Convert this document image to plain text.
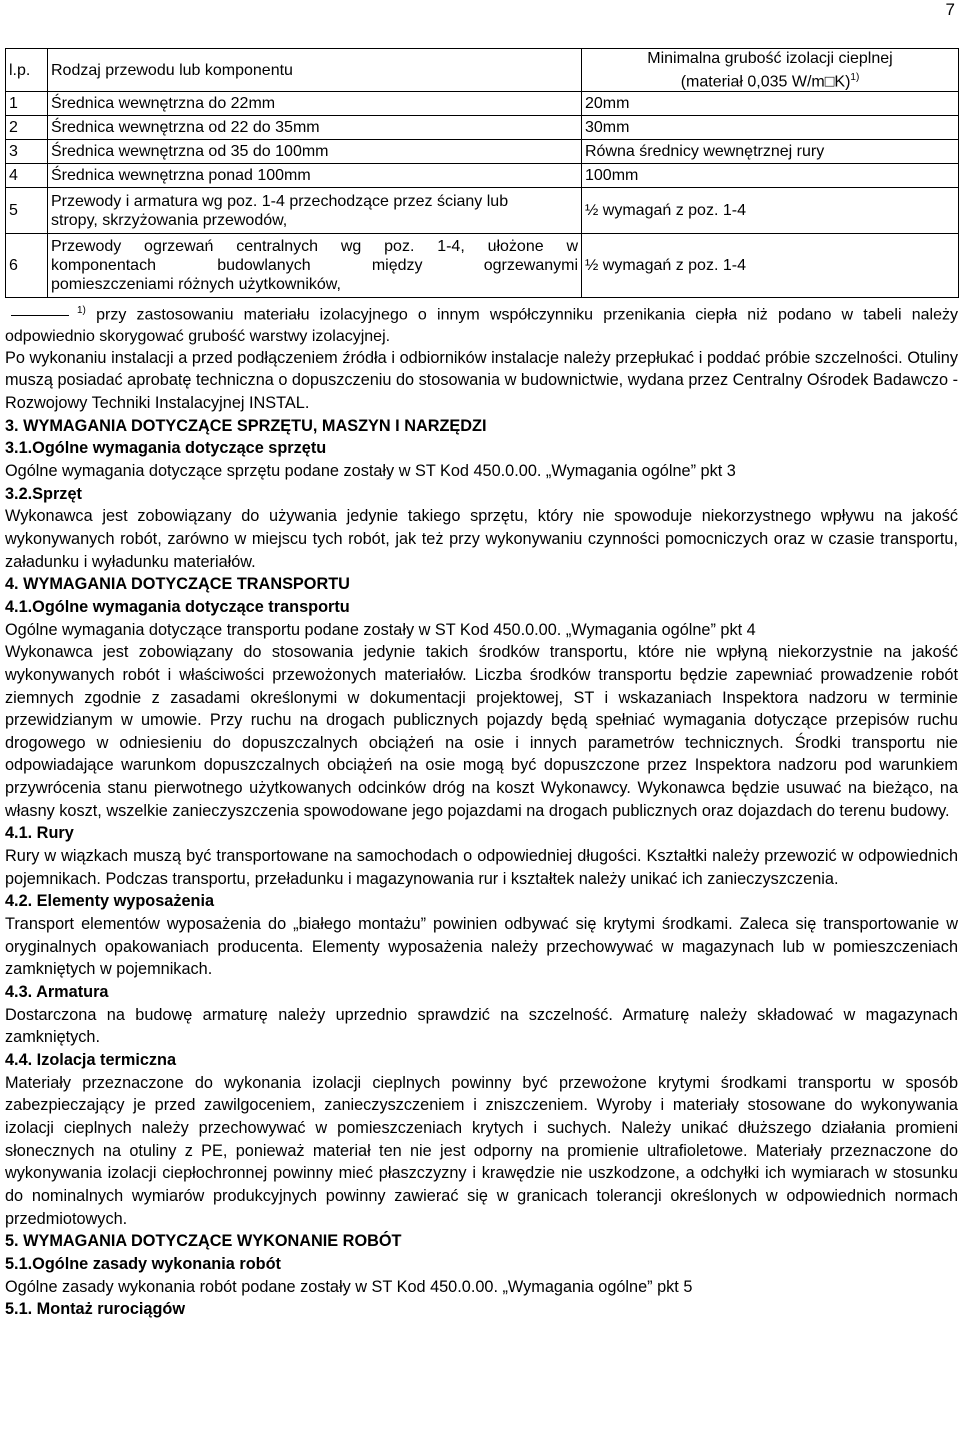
7
l.p.	Rodzaj przewodu lub komponentu	Minimalna grubość izolacji cieplnej
(materiał 0,035 W/m□K)$^{1)}$

1	Średnica wewnętrzna do 22mm	20mm
2	Średnica wewnętrzna od 22 do 35mm	30mm
3	Średnica wewnętrzna od 35 do 100mm	Równa średnicy wewnętrznej rury
4	Średnica wewnętrzna ponad 100mm	100mm
5	Przewody i armatura wg poz. 1-4 przechodzące przez ściany lub
stropy, skrzyżowania przewodów,	½ wymagań z poz. 1-4
6	Przewody ogrzewań centralnych wg poz. 1-4, ułożone w
komponentach budowlanych między ogrzewanymi
pomieszczeniami różnych użytkowników,	½ wymagań z poz. 1-4

$^{1)}$ przy zastosowaniu materiału izolacyjnego o innym współczynniku przenikania ciepła niż podano w tabeli należy odpowiednio skorygować grubość warstwy izolacyjnej.

Po wykonaniu instalacji a przed podłączeniem źródła i odbiorników instalacje należy przepłukać i poddać próbie szczelności. Otuliny muszą posiadać aprobatę techniczna o dopuszczeniu do stosowania w budownictwie, wydana przez Centralny Ośrodek Badawczo - Rozwojowy Techniki Instalacyjnej INSTAL.

3. WYMAGANIA DOTYCZĄCE SPRZĘTU, MASZYN I NARZĘDZI
3.1.Ogólne wymagania dotyczące sprzętu

Ogólne wymagania dotyczące sprzętu podane zostały w ST Kod 450.0.00. „Wymagania ogólne” pkt 3

3.2.Sprzęt

Wykonawca jest zobowiązany do używania jedynie takiego sprzętu, który nie spowoduje niekorzystnego wpływu na jakość wykonywanych robót, zarówno w miejscu tych robót, jak też przy wykonywaniu czynności pomocniczych oraz w czasie transportu, załadunku i wyładunku materiałów.

4. WYMAGANIA DOTYCZĄCE TRANSPORTU
4.1.Ogólne wymagania dotyczące transportu

Ogólne wymagania dotyczące transportu podane zostały w ST Kod 450.0.00. „Wymagania ogólne” pkt 4

Wykonawca jest zobowiązany do stosowania jedynie takich środków transportu, które nie wpłyną niekorzystnie na jakość wykonywanych robót i właściwości przewożonych materiałów. Liczba środków transportu będzie zapewniać prowadzenie robót ziemnych zgodnie z zasadami określonymi w dokumentacji projektowej, ST i wskazaniach Inspektora nadzoru w terminie przewidzianym w umowie. Przy ruchu na drogach publicznych pojazdy będą spełniać wymagania dotyczące przepisów ruchu drogowego w odniesieniu do dopuszczalnych obciążeń na osie i innych parametrów technicznych. Środki transportu nie odpowiadające warunkom dopuszczalnych obciążeń na osie mogą być dopuszczone przez Inspektora nadzoru pod warunkiem przywrócenia stanu pierwotnego użytkowanych odcinków dróg na koszt Wykonawcy. Wykonawca będzie usuwać na bieżąco, na własny koszt, wszelkie zanieczyszczenia spowodowane jego pojazdami na drogach publicznych oraz dojazdach do terenu budowy.

4.1. Rury

Rury w wiązkach muszą być transportowane na samochodach o odpowiedniej długości. Kształtki należy przewozić w odpowiednich pojemnikach. Podczas transportu, przeładunku i magazynowania rur i kształtek należy unikać ich zanieczyszczenia.

4.2. Elementy wyposażenia

Transport elementów wyposażenia do „białego montażu” powinien odbywać się krytymi środkami. Zaleca się transportowanie w oryginalnych opakowaniach producenta. Elementy wyposażenia należy przechowywać w magazynach lub w pomieszczeniach zamkniętych w pojemnikach.

4.3. Armatura

Dostarczona na budowę armaturę należy uprzednio sprawdzić na szczelność. Armaturę należy składować w magazynach zamkniętych.

4.4. Izolacja termiczna

Materiały przeznaczone do wykonania izolacji cieplnych powinny być przewożone krytymi środkami transportu w sposób zabezpieczający je przed zawilgoceniem, zanieczyszczeniem i zniszczeniem. Wyroby i materiały stosowane do wykonywania izolacji cieplnych należy przechowywać w pomieszczeniach krytych i suchych. Należy unikać dłuższego działania promieni słonecznych na otuliny z PE, ponieważ materiał ten nie jest odporny na promienie ultrafioletowe. Materiały przeznaczone do wykonywania izolacji ciepłochronnej powinny mieć płaszczyzny i krawędzie nie uszkodzone, a odchyłki ich wymiarach w stosunku do nominalnych wymiarów produkcyjnych powinny zawierać się w granicach tolerancji określonych w odpowiednich normach przedmiotowych.

5. WYMAGANIA DOTYCZĄCE WYKONANIE ROBÓT
5.1.Ogólne zasady wykonania robót

Ogólne zasady wykonania robót podane zostały w ST Kod 450.0.00. „Wymagania ogólne” pkt 5

5.1. Montaż rurociągów
